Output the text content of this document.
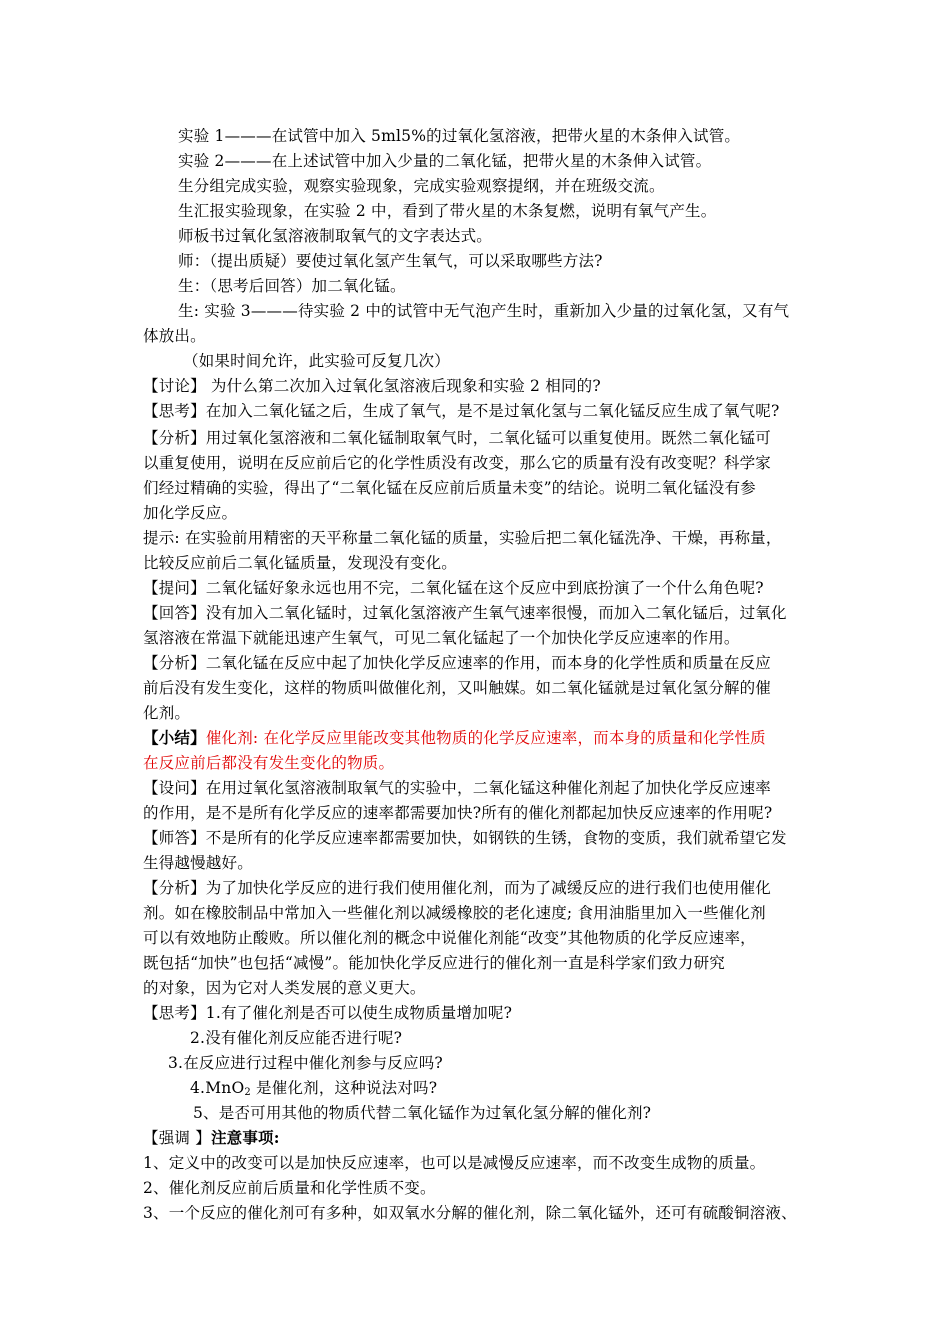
实验 1———在试管中加入 5ml5%的过氧化氢溶液，把带火星的木条伸入试管。
实验 2———在上述试管中加入少量的二氧化锰，把带火星的木条伸入试管。
生分组完成实验，观察实验现象，完成实验观察提纲，并在班级交流。
生汇报实验现象，在实验 2 中，看到了带火星的木条复燃，说明有氧气产生。
师板书过氧化氢溶液制取氧气的文字表达式。
师：（提出质疑）要使过氧化氢产生氧气，可以采取哪些方法?
生：（思考后回答）加二氧化锰。
生: 实验 3———待实验 2 中的试管中无气泡产生时，重新加入少量的过氧化氢，又有气
体放出。
（如果时间允许，此实验可反复几次）
【讨论】 为什么第二次加入过氧化氢溶液后现象和实验 2 相同的?
【思考】在加入二氧化锰之后，生成了氧气，是不是过氧化氢与二氧化锰反应生成了氧气呢?
【分析】用过氧化氢溶液和二氧化锰制取氧气时，二氧化锰可以重复使用。既然二氧化锰可
以重复使用，说明在反应前后它的化学性质没有改变，那么它的质量有没有改变呢？科学家
们经过精确的实验，得出了“二氧化锰在反应前后质量未变”的结论。说明二氧化锰没有参
加化学反应。
提示: 在实验前用精密的天平称量二氧化锰的质量，实验后把二氧化锰洗净、干燥，再称量，
比较反应前后二氧化锰质量，发现没有变化。
【提问】二氧化锰好象永远也用不完，二氧化锰在这个反应中到底扮演了一个什么角色呢?
【回答】没有加入二氧化锰时，过氧化氢溶液产生氧气速率很慢，而加入二氧化锰后，过氧化
氢溶液在常温下就能迅速产生氧气，可见二氧化锰起了一个加快化学反应速率的作用。
【分析】二氧化锰在反应中起了加快化学反应速率的作用，而本身的化学性质和质量在反应
前后没有发生变化，这样的物质叫做催化剂，又叫触媒。如二氧化锰就是过氧化氢分解的催
化剂。
【小结】催化剂: 在化学反应里能改变其他物质的化学反应速率，而本身的质量和化学性质
在反应前后都没有发生变化的物质。
【设问】在用过氧化氢溶液制取氧气的实验中，二氧化锰这种催化剂起了加快化学反应速率
的作用，是不是所有化学反应的速率都需要加快?所有的催化剂都起加快反应速率的作用呢?
【师答】不是所有的化学反应速率都需要加快，如钢铁的生锈，食物的变质，我们就希望它发
生得越慢越好。
【分析】为了加快化学反应的进行我们使用催化剂，而为了减缓反应的进行我们也使用催化
剂。如在橡胶制品中常加入一些催化剂以减缓橡胶的老化速度; 食用油脂里加入一些催化剂
可以有效地防止酸败。所以催化剂的概念中说催化剂能“改变”其他物质的化学反应速率，
既包括“加快”也包括“减慢”。能加快化学反应进行的催化剂一直是科学家们致力研究
的对象，因为它对人类发展的意义更大。
【思考】1.有了催化剂是否可以使生成物质量增加呢?
2.没有催化剂反应能否进行呢?
3.在反应进行过程中催化剂参与反应吗?
4.MnO$_2$ 是催化剂，这种说法对吗?
5、是否可用其他的物质代替二氧化锰作为过氧化氢分解的催化剂?
【强调 】注意事项:
1、定义中的改变可以是加快反应速率，也可以是减慢反应速率，而不改变生成物的质量。
2、催化剂反应前后质量和化学性质不变。
3、一个反应的催化剂可有多种，如双氧水分解的催化剂，除二氧化锰外，还可有硫酸铜溶液、
